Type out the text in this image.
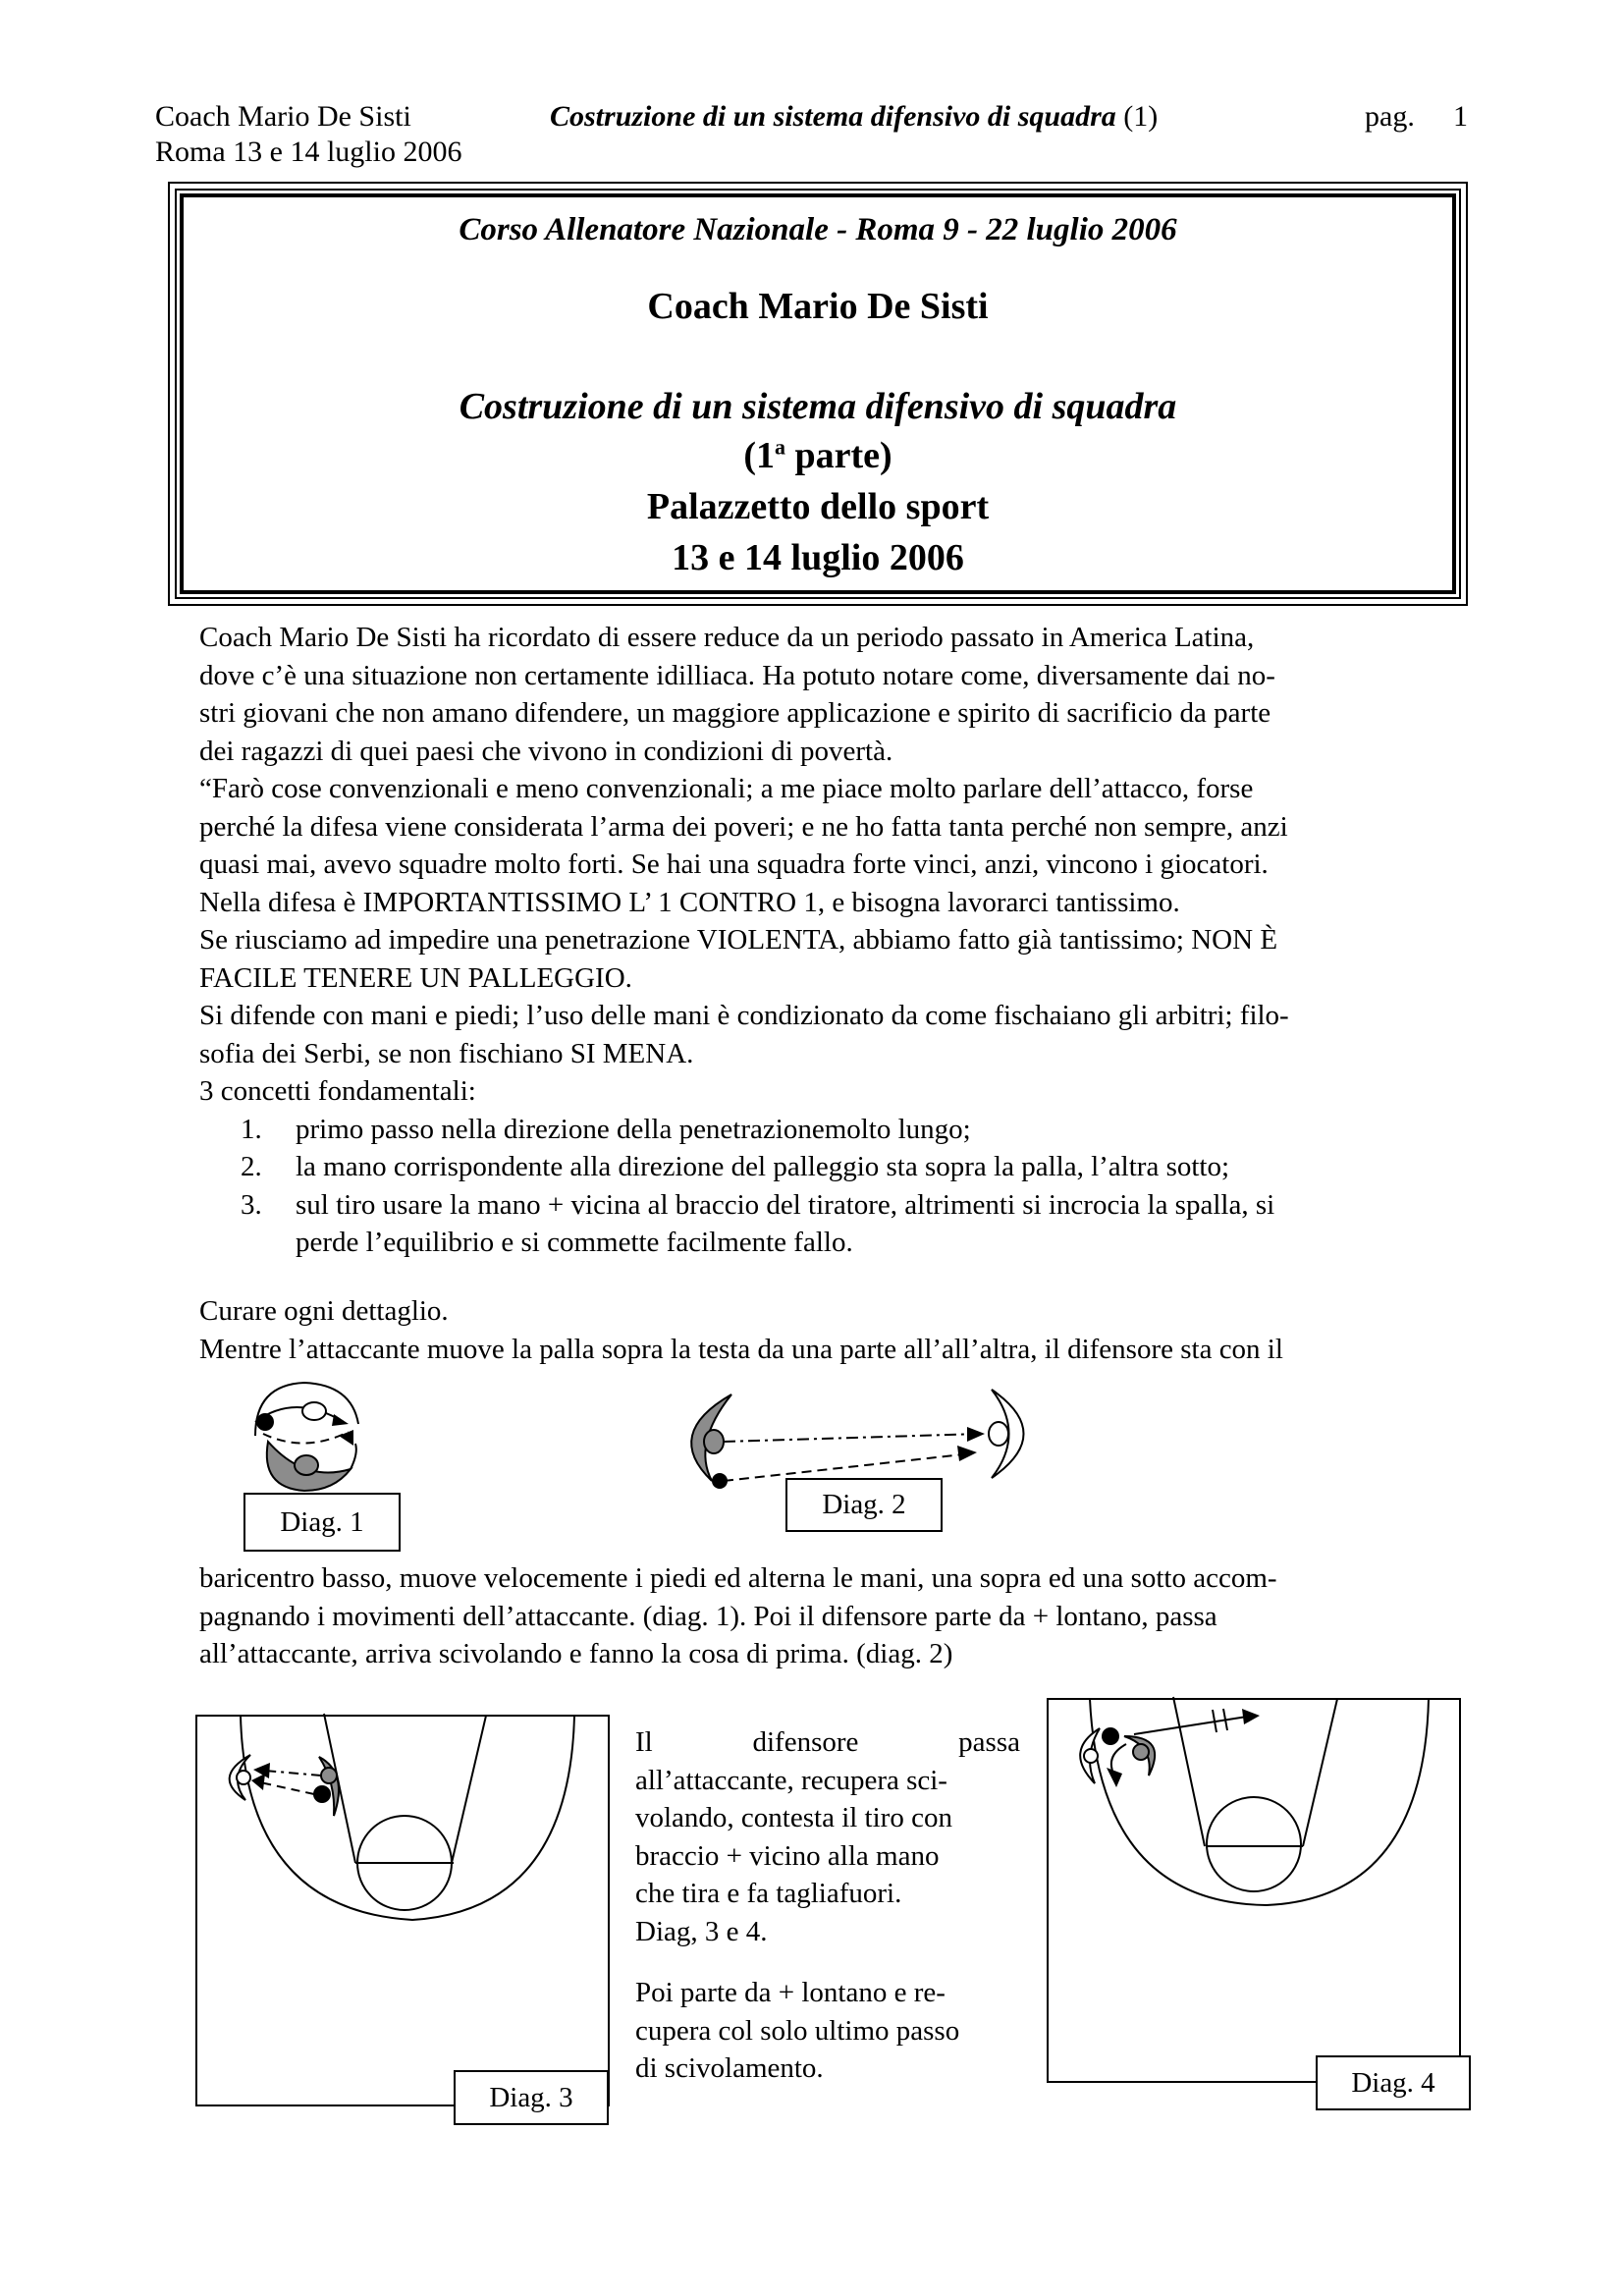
Coach Mario De Sisti	Costruzione di un sistema difensivo di squadra (1)	pag. 1
Roma 13 e 14 luglio 2006
Corso Allenatore Nazionale - Roma 9 - 22 luglio 2006
Coach Mario De Sisti
Costruzione di un sistema difensivo di squadra
(1$^a$ parte)
Palazzetto dello sport
13 e 14 luglio 2006
Coach Mario De Sisti ha ricordato di essere reduce da un periodo passato in America Latina,
dove c’è una situazione non certamente idilliaca. Ha potuto notare come, diversamente dai no-
stri giovani che non amano difendere, un maggiore applicazione e spirito di sacrificio da parte
dei ragazzi di quei paesi che vivono in condizioni di povertà.
“Farò cose convenzionali e meno convenzionali; a me piace molto parlare dell’attacco, forse
perché la difesa viene considerata l’arma dei poveri; e ne ho fatta tanta perché non sempre, anzi
quasi mai, avevo squadre molto forti. Se hai una squadra forte vinci, anzi, vincono i giocatori.
Nella difesa è IMPORTANTISSIMO L’ 1 CONTRO 1, e bisogna lavorarci tantissimo.
Se riusciamo ad impedire una penetrazione VIOLENTA, abbiamo fatto già tantissimo; NON È
FACILE TENERE UN PALLEGGIO.
Si difende con mani e piedi; l’uso delle mani è condizionato da come fischaiano gli arbitri; filo-
sofia dei Serbi, se non fischiano SI MENA.
3 concetti fondamentali:
1. primo passo nella direzione della penetrazionemolto lungo;
2. la mano corrispondente alla direzione del palleggio sta sopra la palla, l’altra sotto;
3. sul tiro usare la mano + vicina al braccio del tiratore, altrimenti si incrocia la spalla, si
perde l’equilibrio e si commette facilmente fallo.
Curare ogni dettaglio.
Mentre l’attaccante muove la palla sopra la testa da una parte all’all’altra, il difensore sta con il
Diag. 1
Diag. 2
baricentro basso, muove velocemente i piedi ed alterna le mani, una sopra ed una sotto accom-
pagnando i movimenti dell’attaccante. (diag. 1). Poi il difensore parte da + lontano, passa
all’attaccante, arriva scivolando e fanno la cosa di prima. (diag. 2)
Diag. 3
Il	difensore	passa
all’attaccante, recupera sci-
volando, contesta il tiro con
braccio + vicino alla mano
che tira e fa tagliafuori.
Diag, 3 e 4.
Poi parte da + lontano e re-
cupera col solo ultimo passo
di scivolamento.	Diag. 4
